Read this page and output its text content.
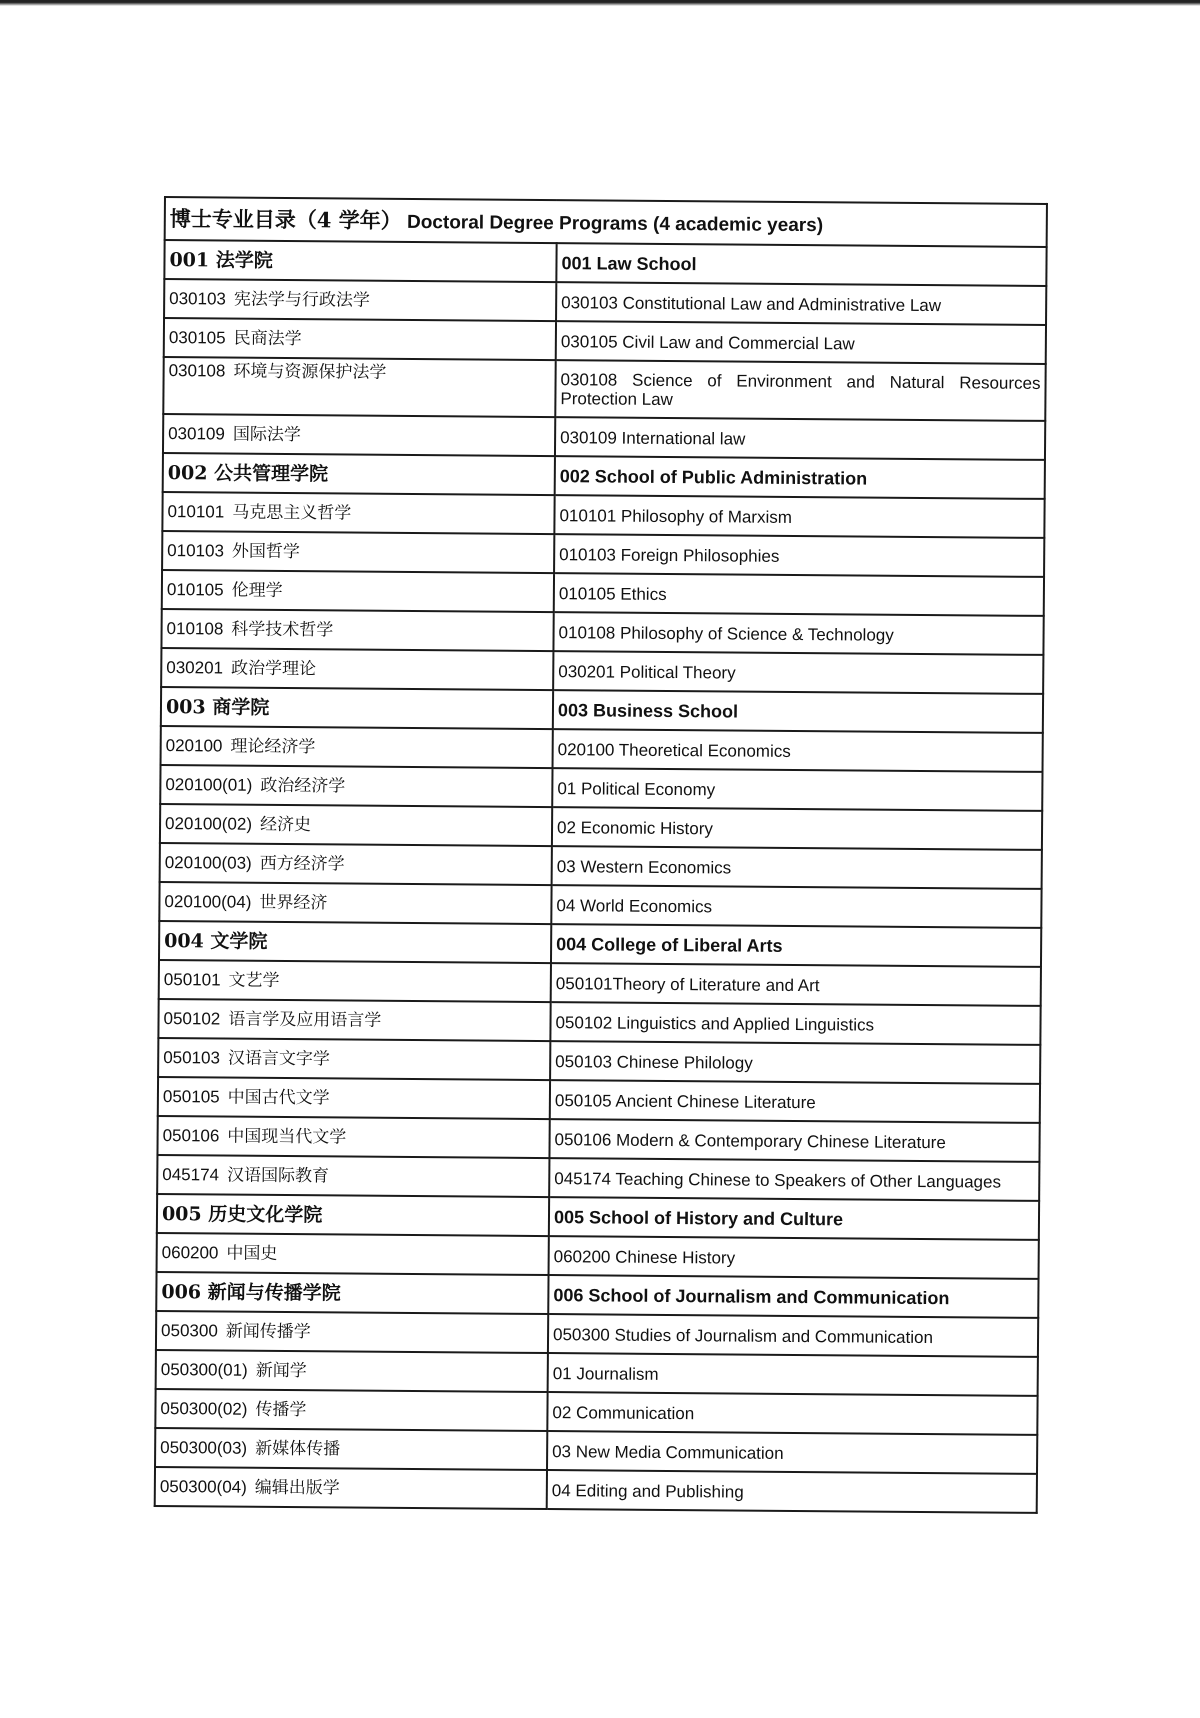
博士专业目录（4 学年） Doctoral Degree Programs (4 academic years)	
001 法学院	001 Law School
030103 宪法学与行政法学	030103 Constitutional Law and Administrative Law
030105 民商法学	030105 Civil Law and Commercial Law
030108 环境与资源保护法学	030108 Science of Environment and Natural Resources Protection Law
030109 国际法学	030109 International law
002 公共管理学院	002 School of Public Administration
010101 马克思主义哲学	010101 Philosophy of Marxism
010103 外国哲学	010103 Foreign Philosophies
010105 伦理学	010105 Ethics
010108 科学技术哲学	010108 Philosophy of Science & Technology
030201 政治学理论	030201 Political Theory
003 商学院	003 Business School
020100 理论经济学	020100 Theoretical Economics
020100(01) 政治经济学	01 Political Economy
020100(02) 经济史	02 Economic History
020100(03) 西方经济学	03 Western Economics
020100(04) 世界经济	04 World Economics
004 文学院	004 College of Liberal Arts
050101 文艺学	050101Theory of Literature and Art
050102 语言学及应用语言学	050102 Linguistics and Applied Linguistics
050103 汉语言文字学	050103 Chinese Philology
050105 中国古代文学	050105 Ancient Chinese Literature
050106 中国现当代文学	050106 Modern & Contemporary Chinese Literature
045174 汉语国际教育	045174 Teaching Chinese to Speakers of Other Languages
005 历史文化学院	005 School of History and Culture
060200 中国史	060200 Chinese History
006 新闻与传播学院	006 School of Journalism and Communication
050300 新闻传播学	050300 Studies of Journalism and Communication
050300(01) 新闻学	01 Journalism
050300(02) 传播学	02 Communication
050300(03) 新媒体传播	03 New Media Communication
050300(04) 编辑出版学	04 Editing and Publishing
